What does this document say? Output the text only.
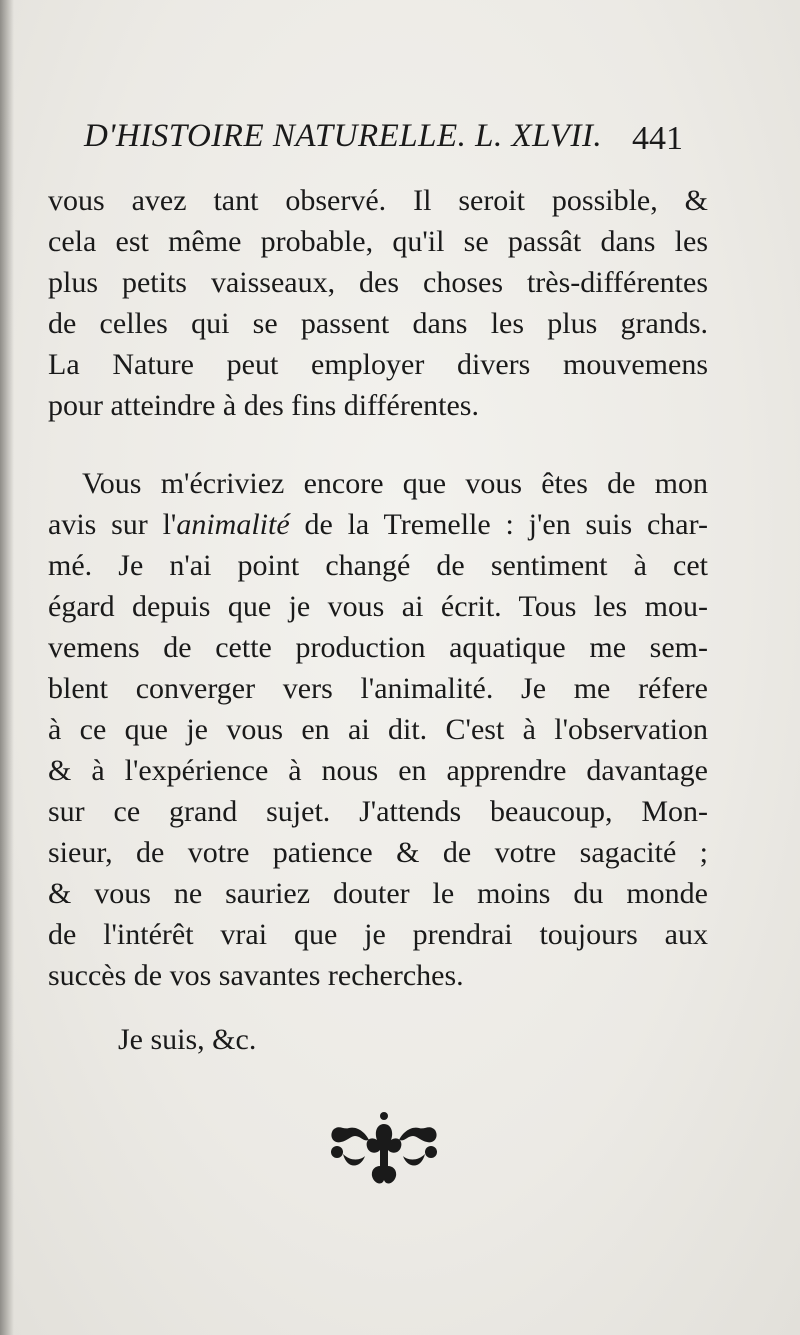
D'HISTOIRE NATURELLE. L. XLVII. 441
vous avez tant observé. Il seroit possible, &
cela est même probable, qu'il se passât dans les
plus petits vaisseaux, des choses très-différentes
de celles qui se passent dans les plus grands.
La Nature peut employer divers mouvemens
pour atteindre à des fins différentes.
Vous m'écriviez encore que vous êtes de mon
avis sur l'animalité de la Tremelle : j'en suis char-
mé. Je n'ai point changé de sentiment à cet
égard depuis que je vous ai écrit. Tous les mou-
vemens de cette production aquatique me sem-
blent converger vers l'animalité. Je me réfere
à ce que je vous en ai dit. C'est à l'observation
& à l'expérience à nous en apprendre davantage
sur ce grand sujet. J'attends beaucoup, Mon-
sieur, de votre patience & de votre sagacité ;
& vous ne sauriez douter le moins du monde
de l'intérêt vrai que je prendrai toujours aux
succès de vos savantes recherches.
Je suis, &c.
